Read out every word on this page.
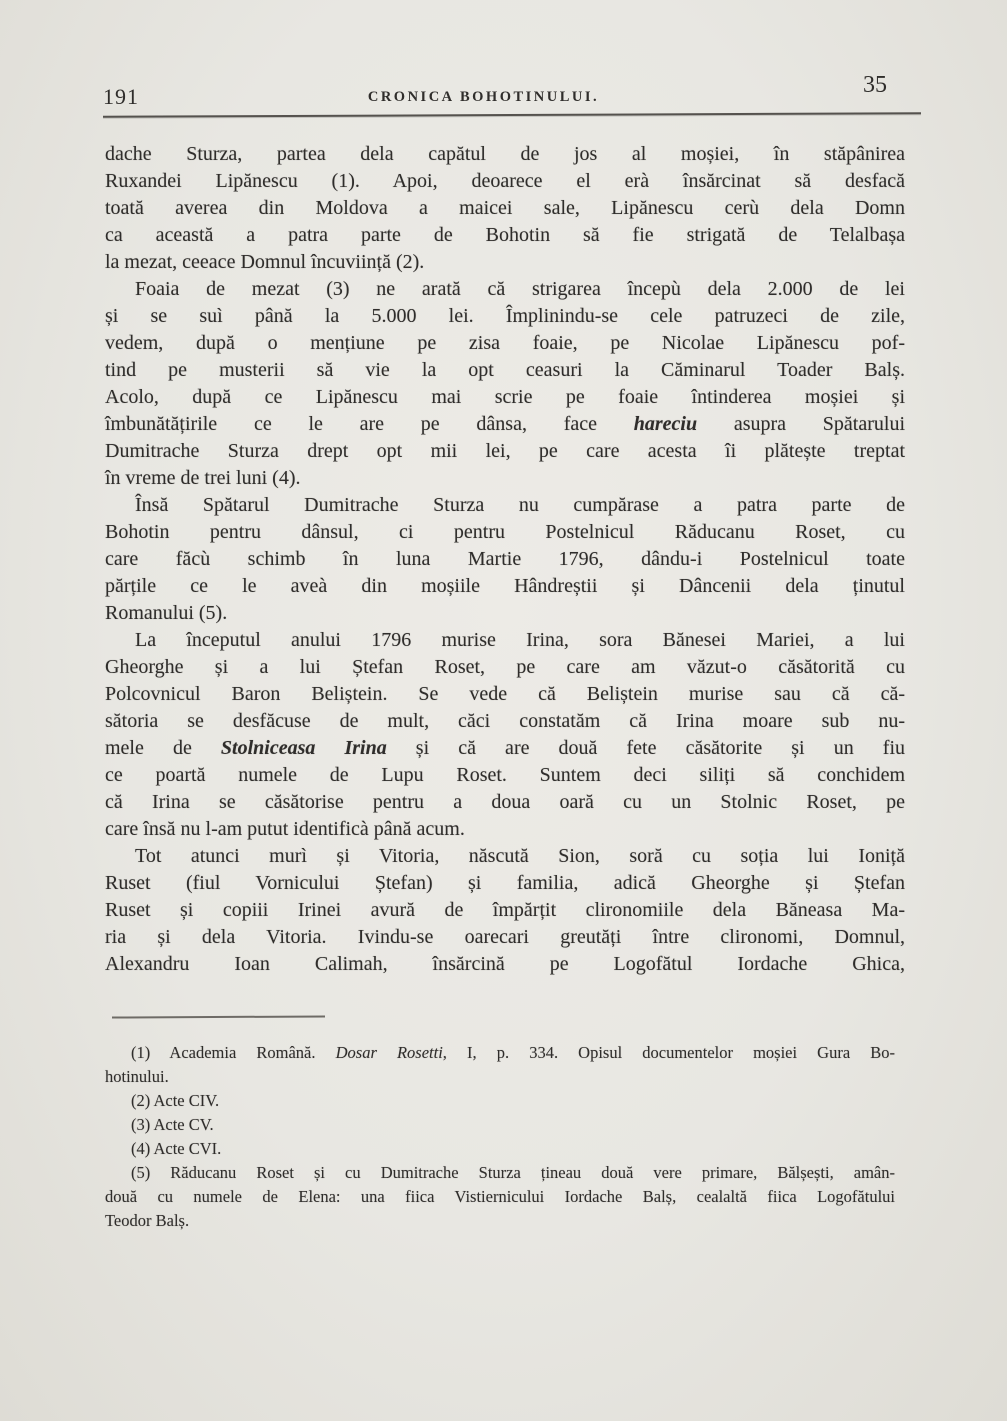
191	CRONICA BOHOTINULUI.	35
dache Sturza, partea dela capătul de jos al moșiei, în stăpânirea
Ruxandei Lipănescu (1). Apoi, deoarece el erà însărcinat să desfacă
toată averea din Moldova a maicei sale, Lipănescu cerù dela Domn
ca această a patra parte de Bohotin să fie strigată de Telalbașa
la mezat, ceeace Domnul încuviință (2).
Foaia de mezat (3) ne arată că strigarea începù dela 2.000 de lei
și se suì până la 5.000 lei. Împlinindu-se cele patruzeci de zile,
vedem, după o mențiune pe zisa foaie, pe Nicolae Lipănescu pof-
tind pe musterii să vie la opt ceasuri la Căminarul Toader Balș.
Acolo, după ce Lipănescu mai scrie pe foaie întinderea moșiei și
îmbunătățirile ce le are pe dânsa, face hareciu asupra Spătarului
Dumitrache Sturza drept opt mii lei, pe care acesta îi plătește treptat
în vreme de trei luni (4).
Însă Spătarul Dumitrache Sturza nu cumpărase a patra parte de
Bohotin pentru dânsul, ci pentru Postelnicul Răducanu Roset, cu
care făcù schimb în luna Martie 1796, dându-i Postelnicul toate
părțile ce le aveà din moșiile Hândreștii și Dâncenii dela ținutul
Romanului (5).
La începutul anului 1796 murise Irina, sora Bănesei Mariei, a lui
Gheorghe și a lui Ștefan Roset, pe care am văzut-o căsătorită cu
Polcovnicul Baron Beliștein. Se vede că Beliștein murise sau că că-
sătoria se desfăcuse de mult, căci constatăm că Irina moare sub nu-
mele de Stolniceasa Irina și că are două fete căsătorite și un fiu
ce poartă numele de Lupu Roset. Suntem deci siliți să conchidem
că Irina se căsătorise pentru a doua oară cu un Stolnic Roset, pe
care însă nu l-am putut identificà până acum.
Tot atunci murì și Vitoria, născută Sion, soră cu soția lui Ioniță
Ruset (fiul Vornicului Ștefan) și familia, adică Gheorghe și Ștefan
Ruset și copiii Irinei avură de împărțit clironomiile dela Băneasa Ma-
ria și dela Vitoria. Ivindu-se oarecari greutăți între clironomi, Domnul,
Alexandru Ioan Calimah, însărcină pe Logofătul Iordache Ghica,
(1) Academia Română. Dosar Rosetti, I, p. 334. Opisul documentelor moșiei Gura Bo-
hotinului.
(2) Acte CIV.
(3) Acte CV.
(4) Acte CVI.
(5) Răducanu Roset și cu Dumitrache Sturza țineau două vere primare, Bălșești, amân-
două cu numele de Elena: una fiica Vistiernicului Iordache Balș, cealaltă fiica Logofătului
Teodor Balș.
